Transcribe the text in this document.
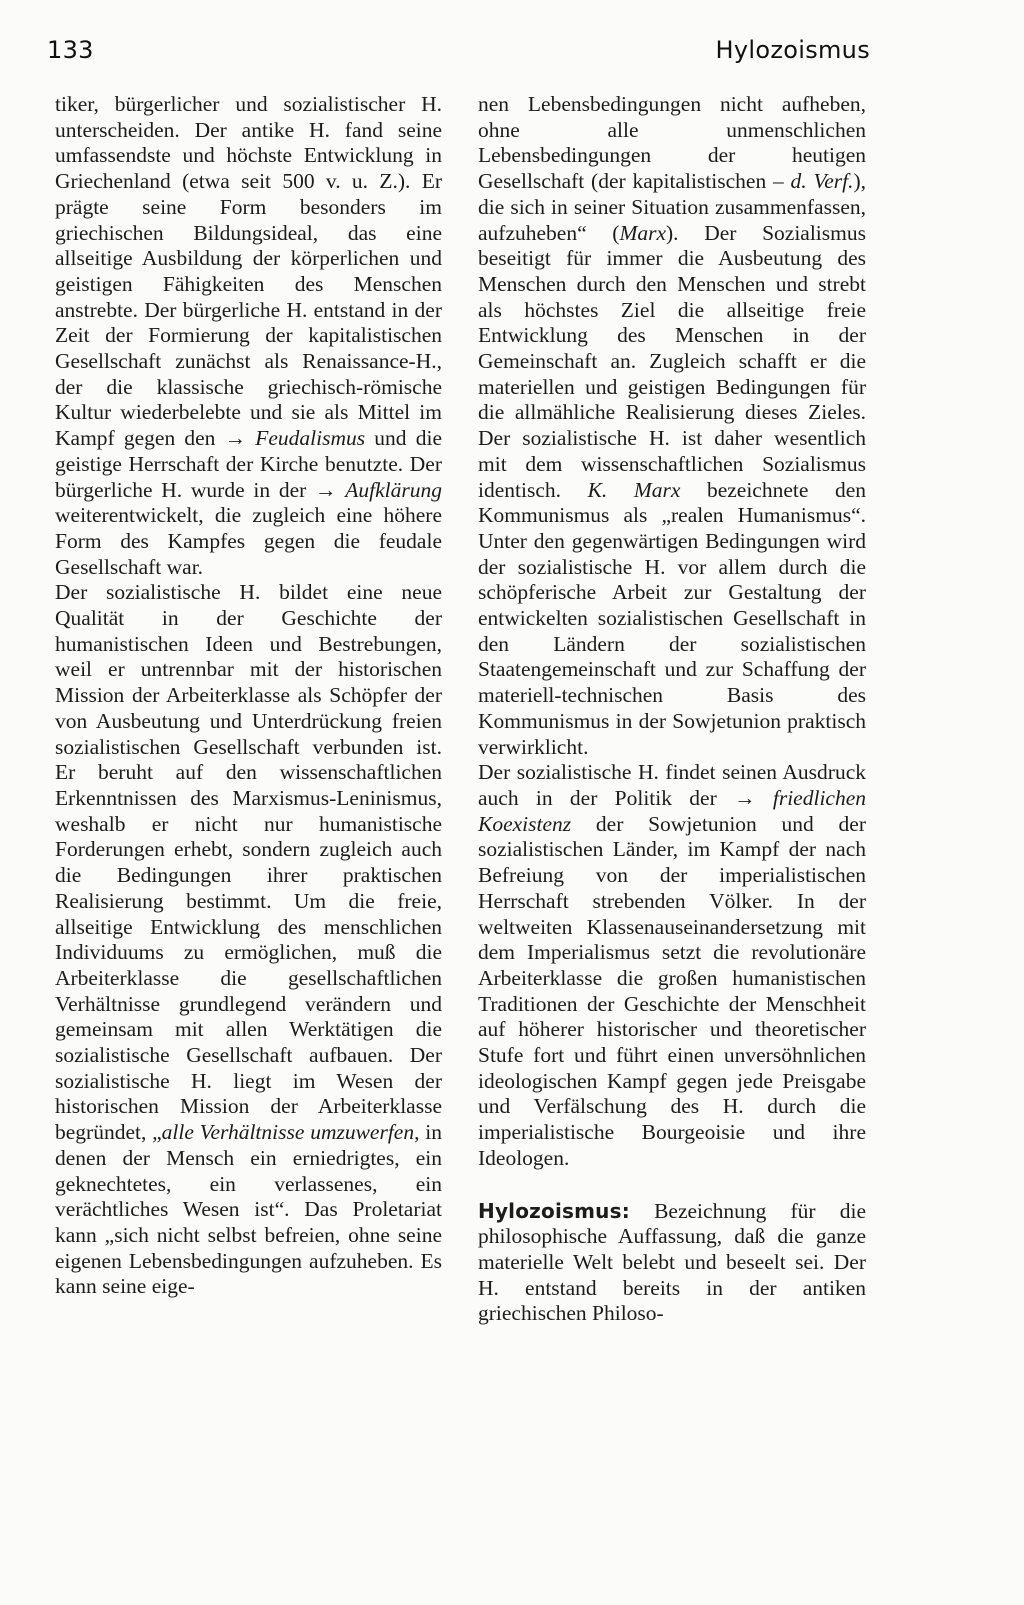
133	Hylozoismus

tiker, bürgerlicher und sozialistischer H. unterscheiden. Der antike H. fand seine umfassendste und höchste Entwicklung in Griechenland (etwa seit 500 v. u. Z.). Er prägte seine Form besonders im griechischen Bildungsideal, das eine allseitige Ausbildung der körperlichen und geistigen Fähigkeiten des Menschen anstrebte. Der bürgerliche H. entstand in der Zeit der Formierung der kapitalistischen Gesellschaft zunächst als Renaissance-H., der die klassische griechisch-römische Kultur wiederbelebte und sie als Mittel im Kampf gegen den → Feudalismus und die geistige Herrschaft der Kirche benutzte. Der bürgerliche H. wurde in der → Aufklärung weiterentwickelt, die zugleich eine höhere Form des Kampfes gegen die feudale Gesellschaft war.

Der sozialistische H. bildet eine neue Qualität in der Geschichte der humanistischen Ideen und Bestrebungen, weil er untrennbar mit der historischen Mission der Arbeiterklasse als Schöpfer der von Ausbeutung und Unterdrückung freien sozialistischen Gesellschaft verbunden ist. Er beruht auf den wissenschaftlichen Erkenntnissen des Marxismus-Leninismus, weshalb er nicht nur humanistische Forderungen erhebt, sondern zugleich auch die Bedingungen ihrer praktischen Realisierung bestimmt. Um die freie, allseitige Entwicklung des menschlichen Individuums zu ermöglichen, muß die Arbeiterklasse die gesellschaftlichen Verhältnisse grundlegend verändern und gemeinsam mit allen Werktätigen die sozialistische Gesellschaft aufbauen. Der sozialistische H. liegt im Wesen der historischen Mission der Arbeiterklasse begründet, „alle Verhältnisse umzuwerfen, in denen der Mensch ein erniedrigtes, ein geknechtetes, ein verlassenes, ein verächtliches Wesen ist“. Das Proletariat kann „sich nicht selbst befreien, ohne seine eigenen Lebensbedingungen aufzuheben. Es kann seine eige-

nen Lebensbedingungen nicht aufheben, ohne alle unmenschlichen Lebensbedingungen der heutigen Gesellschaft (der kapitalistischen – d. Verf.), die sich in seiner Situation zusammenfassen, aufzuheben“ (Marx). Der Sozialismus beseitigt für immer die Ausbeutung des Menschen durch den Menschen und strebt als höchstes Ziel die allseitige freie Entwicklung des Menschen in der Gemeinschaft an. Zugleich schafft er die materiellen und geistigen Bedingungen für die allmähliche Realisierung dieses Zieles. Der sozialistische H. ist daher wesentlich mit dem wissenschaftlichen Sozialismus identisch. K. Marx bezeichnete den Kommunismus als „realen Humanismus“. Unter den gegenwärtigen Bedingungen wird der sozialistische H. vor allem durch die schöpferische Arbeit zur Gestaltung der entwickelten sozialistischen Gesellschaft in den Ländern der sozialistischen Staatengemeinschaft und zur Schaffung der materiell-technischen Basis des Kommunismus in der Sowjetunion praktisch verwirklicht.

Der sozialistische H. findet seinen Ausdruck auch in der Politik der → friedlichen Koexistenz der Sowjetunion und der sozialistischen Länder, im Kampf der nach Befreiung von der imperialistischen Herrschaft strebenden Völker. In der weltweiten Klassenauseinandersetzung mit dem Imperialismus setzt die revolutionäre Arbeiterklasse die großen humanistischen Traditionen der Geschichte der Menschheit auf höherer historischer und theoretischer Stufe fort und führt einen unversöhnlichen ideologischen Kampf gegen jede Preisgabe und Verfälschung des H. durch die imperialistische Bourgeoisie und ihre Ideologen.

Hylozoismus: Bezeichnung für die philosophische Auffassung, daß die ganze materielle Welt belebt und beseelt sei. Der H. entstand bereits in der antiken griechischen Philoso-
